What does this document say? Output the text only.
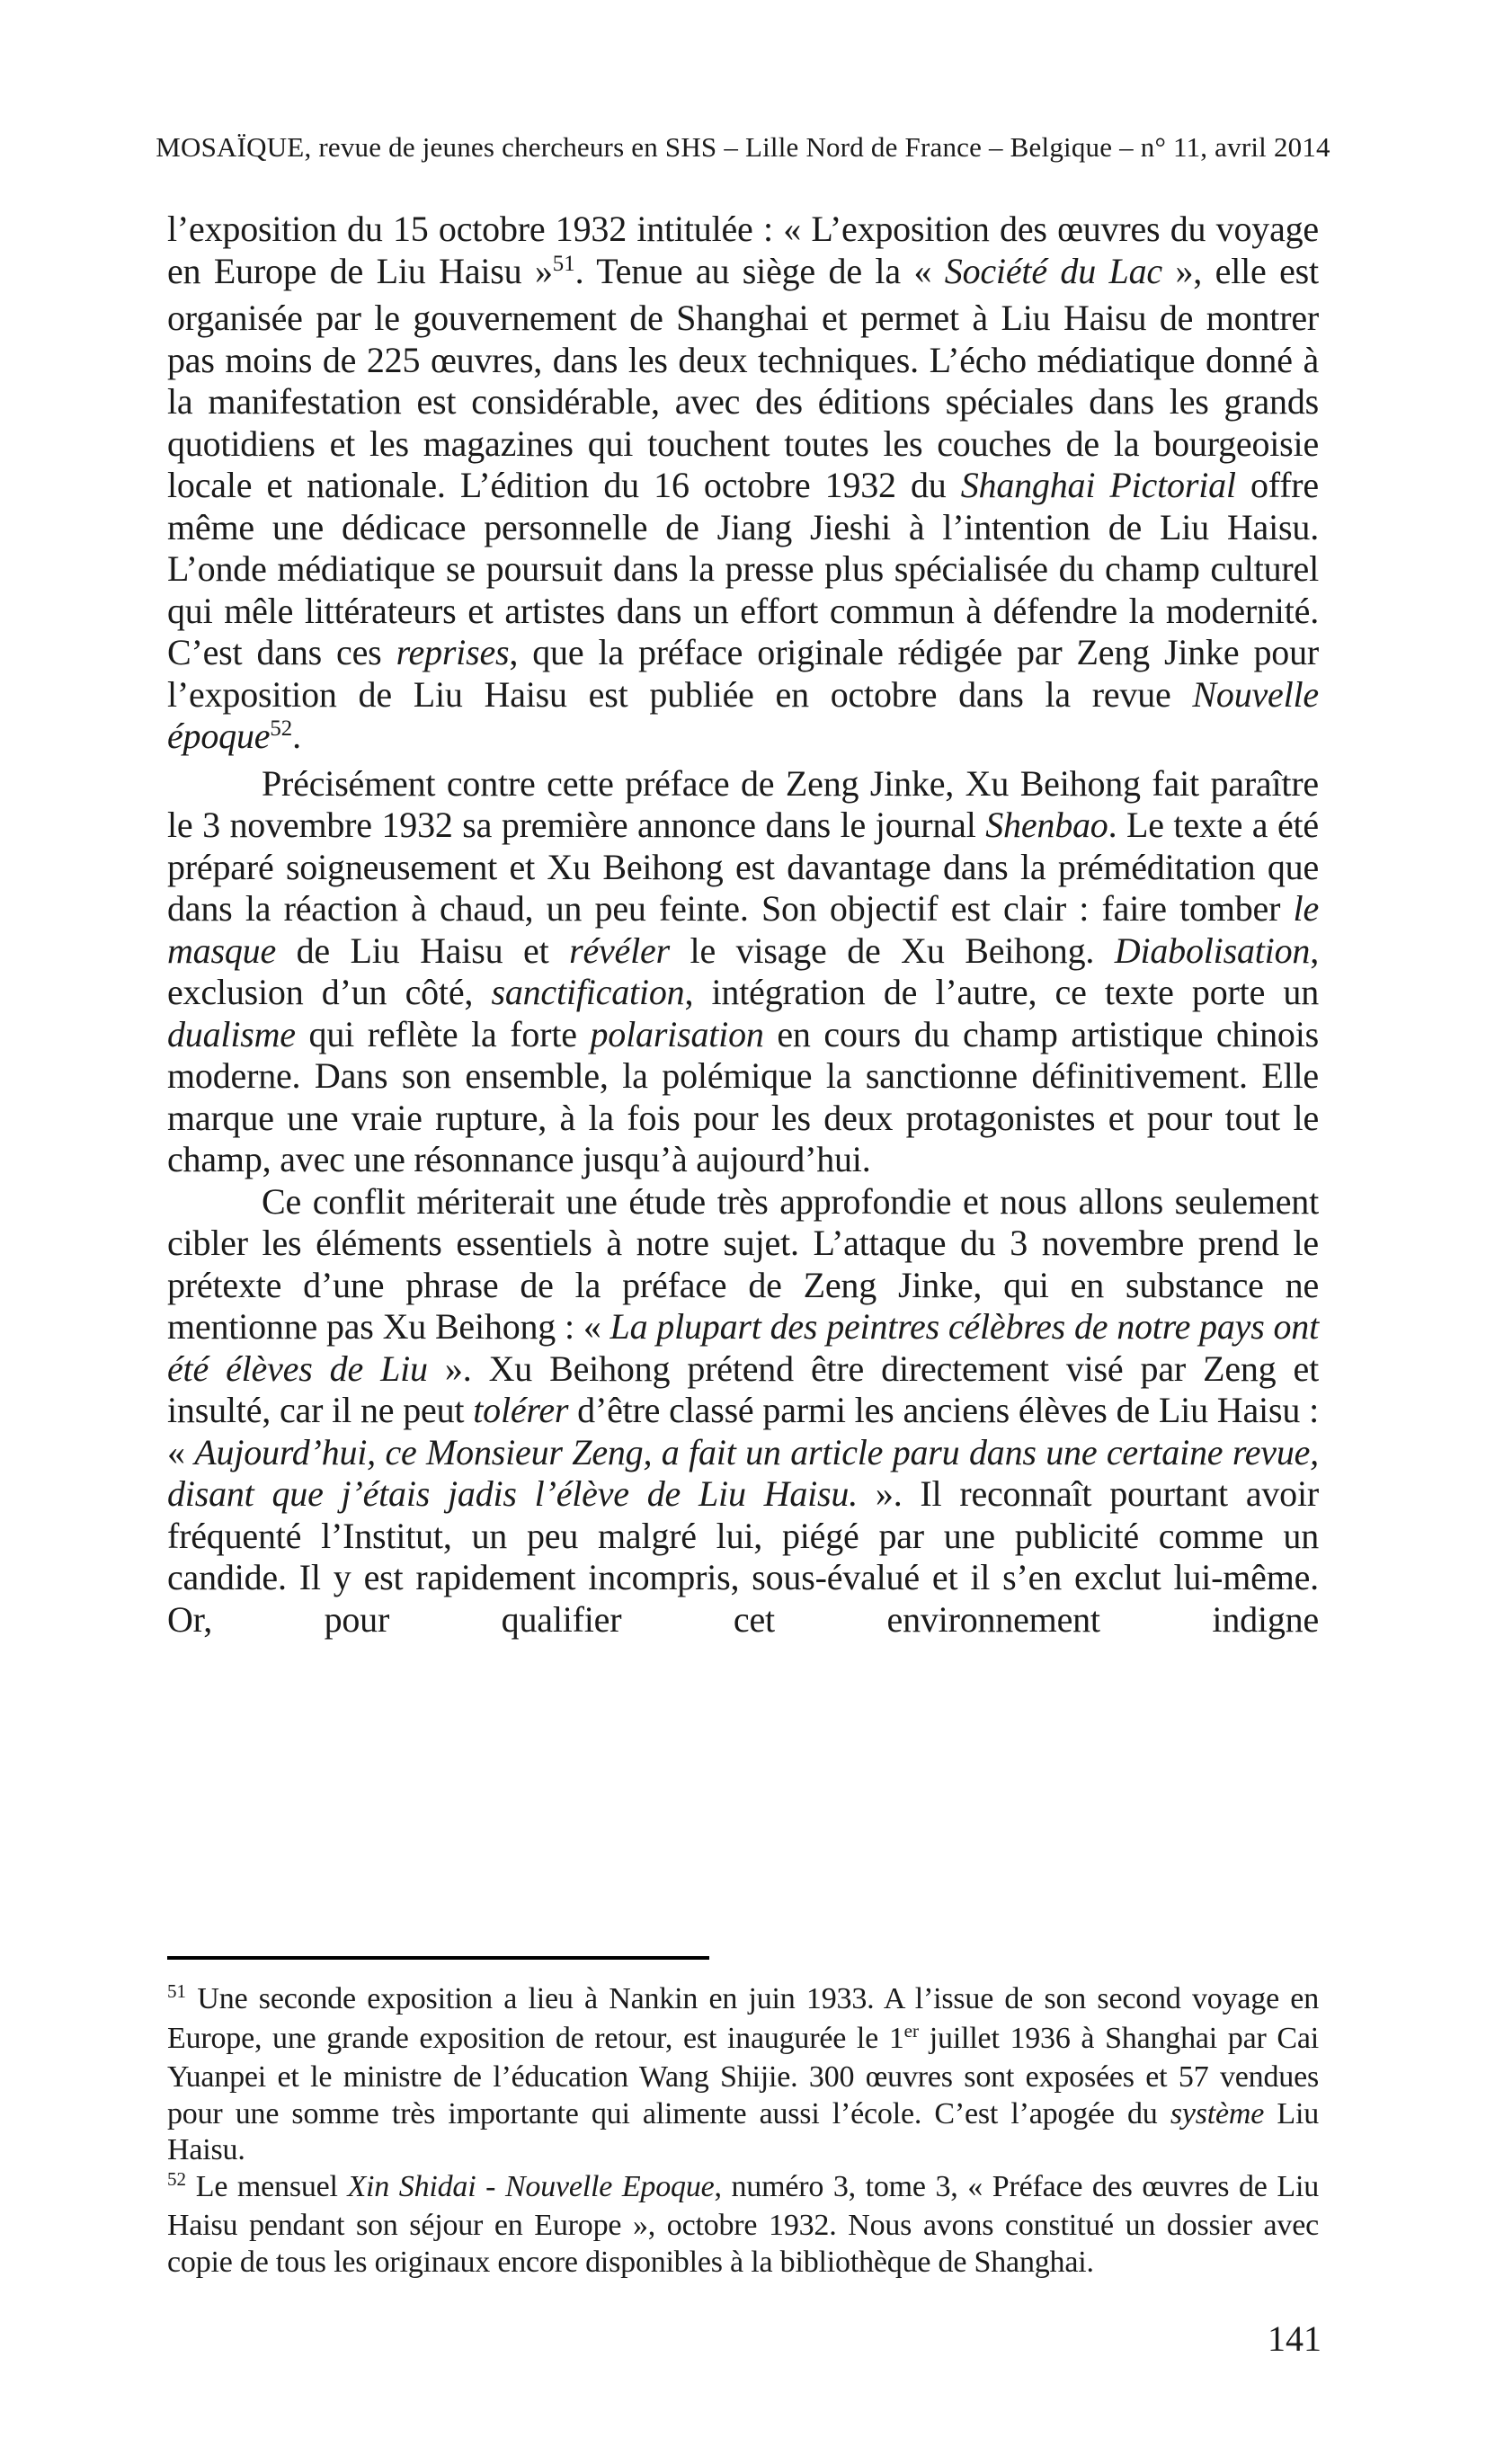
MOSAÏQUE, revue de jeunes chercheurs en SHS – Lille Nord de France – Belgique – n° 11, avril 2014

l’exposition du 15 octobre 1932 intitulée : « L’exposition des œuvres du voyage en Europe de Liu Haisu »$^{51}$. Tenue au siège de la « Société du Lac », elle est organisée par le gouvernement de Shanghai et permet à Liu Haisu de montrer pas moins de 225 œuvres, dans les deux techniques. L’écho médiatique donné à la manifestation est considérable, avec des éditions spéciales dans les grands quotidiens et les magazines qui touchent toutes les couches de la bourgeoisie locale et nationale. L’édition du 16 octobre 1932 du Shanghai Pictorial offre même une dédicace personnelle de Jiang Jieshi à l’intention de Liu Haisu. L’onde médiatique se poursuit dans la presse plus spécialisée du champ culturel qui mêle littérateurs et artistes dans un effort commun à défendre la modernité. C’est dans ces reprises, que la préface originale rédigée par Zeng Jinke pour l’exposition de Liu Haisu est publiée en octobre dans la revue Nouvelle époque$^{52}$.

Précisément contre cette préface de Zeng Jinke, Xu Beihong fait paraître le 3 novembre 1932 sa première annonce dans le journal Shenbao. Le texte a été préparé soigneusement et Xu Beihong est davantage dans la préméditation que dans la réaction à chaud, un peu feinte. Son objectif est clair : faire tomber le masque de Liu Haisu et révéler le visage de Xu Beihong. Diabolisation, exclusion d’un côté, sanctification, intégration de l’autre, ce texte porte un dualisme qui reflète la forte polarisation en cours du champ artistique chinois moderne. Dans son ensemble, la polémique la sanctionne définitivement. Elle marque une vraie rupture, à la fois pour les deux protagonistes et pour tout le champ, avec une résonnance jusqu’à aujourd’hui.

Ce conflit mériterait une étude très approfondie et nous allons seulement cibler les éléments essentiels à notre sujet. L’attaque du 3 novembre prend le prétexte d’une phrase de la préface de Zeng Jinke, qui en substance ne mentionne pas Xu Beihong : « La plupart des peintres célèbres de notre pays ont été élèves de Liu ». Xu Beihong prétend être directement visé par Zeng et insulté, car il ne peut tolérer d’être classé parmi les anciens élèves de Liu Haisu : « Aujourd’hui, ce Monsieur Zeng, a fait un article paru dans une certaine revue, disant que j’étais jadis l’élève de Liu Haisu. ». Il reconnaît pourtant avoir fréquenté l’Institut, un peu malgré lui, piégé par une publicité comme un candide. Il y est rapidement incompris, sous-évalué et il s’en exclut lui-même. Or, pour qualifier cet environnement indigne

$^{51}$ Une seconde exposition a lieu à Nankin en juin 1933. A l’issue de son second voyage en Europe, une grande exposition de retour, est inaugurée le 1er juillet 1936 à Shanghai par Cai Yuanpei et le ministre de l’éducation Wang Shijie. 300 œuvres sont exposées et 57 vendues pour une somme très importante qui alimente aussi l’école. C’est l’apogée du système Liu Haisu.

$^{52}$ Le mensuel Xin Shidai - Nouvelle Epoque, numéro 3, tome 3, « Préface des œuvres de Liu Haisu pendant son séjour en Europe », octobre 1932. Nous avons constitué un dossier avec copie de tous les originaux encore disponibles à la bibliothèque de Shanghai.

141
